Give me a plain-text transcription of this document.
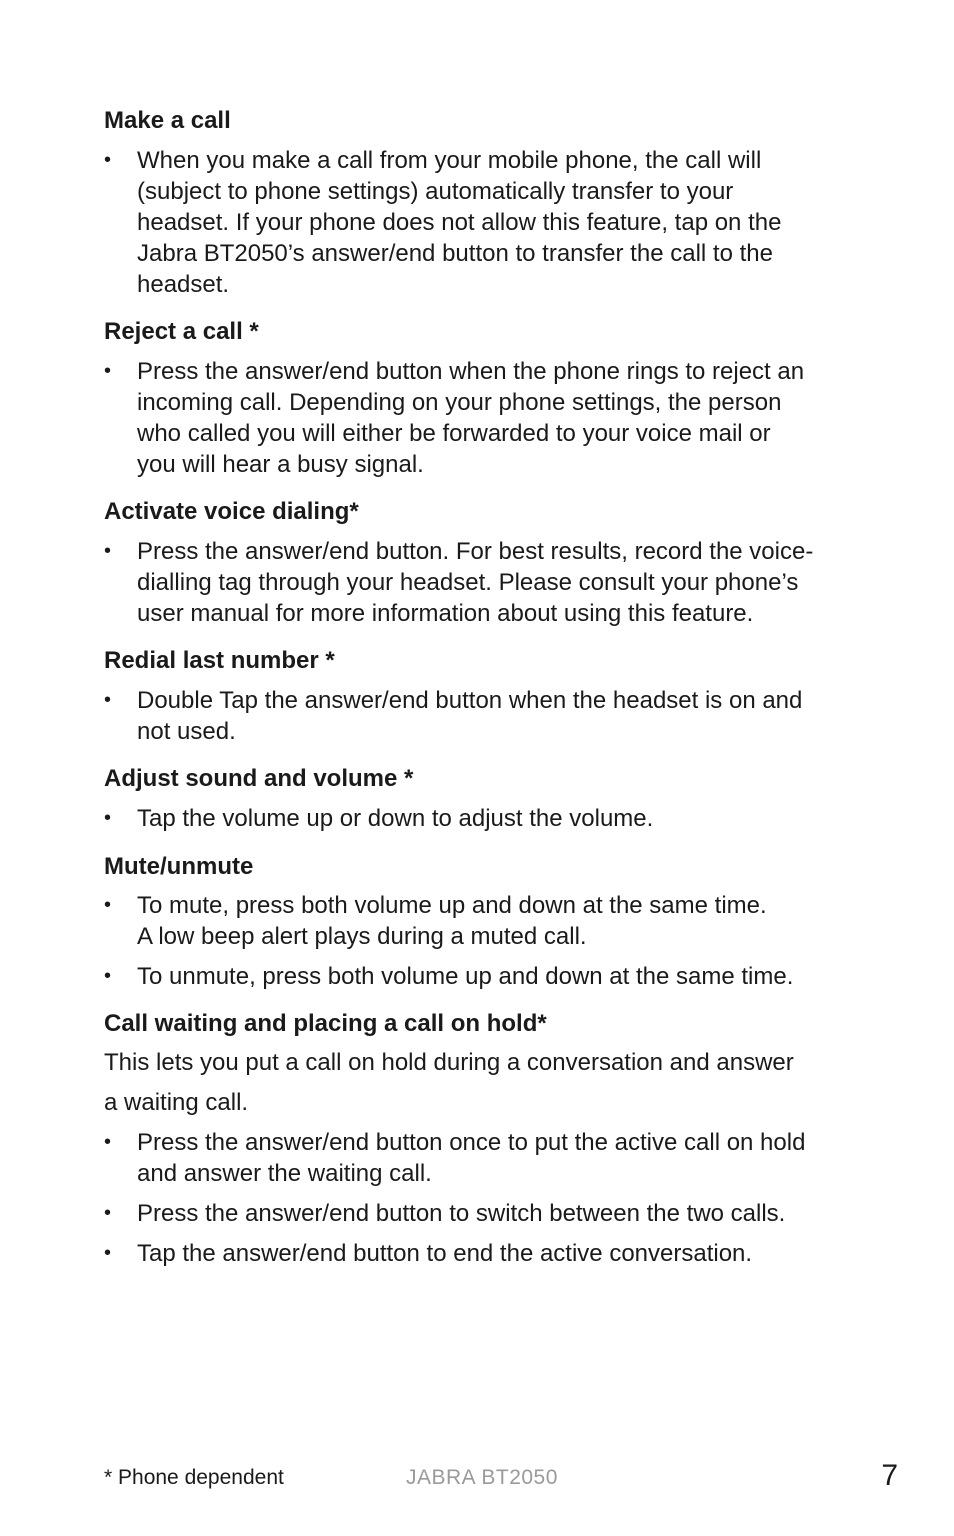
Make a call
•	When you make a call from your mobile phone, the call will
(subject to phone settings) automatically transfer to your
headset. If your phone does not allow this feature, tap on the
Jabra BT2050’s answer/end button to transfer the call to the
headset.
Reject a call *
•	Press the answer/end button when the phone rings to reject an
incoming call. Depending on your phone settings, the person
who called you will either be forwarded to your voice mail or
you will hear a busy signal.
Activate voice dialing*
•	Press the answer/end button. For best results, record the voice-
dialling tag through your headset. Please consult your phone’s
user manual for more information about using this feature.
Redial last number *
•	Double Tap the answer/end button when the headset is on and
not used.
Adjust sound and volume *
•	Tap the volume up or down to adjust the volume.
Mute/unmute
•	To mute, press both volume up and down at the same time.
A low beep alert plays during a muted call.
•	To unmute, press both volume up and down at the same time.
Call waiting and placing a call on hold*
This lets you put a call on hold during a conversation and answer
a waiting call.
•	Press the answer/end button once to put the active call on hold
and answer the waiting call.
•	Press the answer/end button to switch between the two calls.
•	Tap the answer/end button to end the active conversation.
* Phone dependent	JABRA BT2050	7
